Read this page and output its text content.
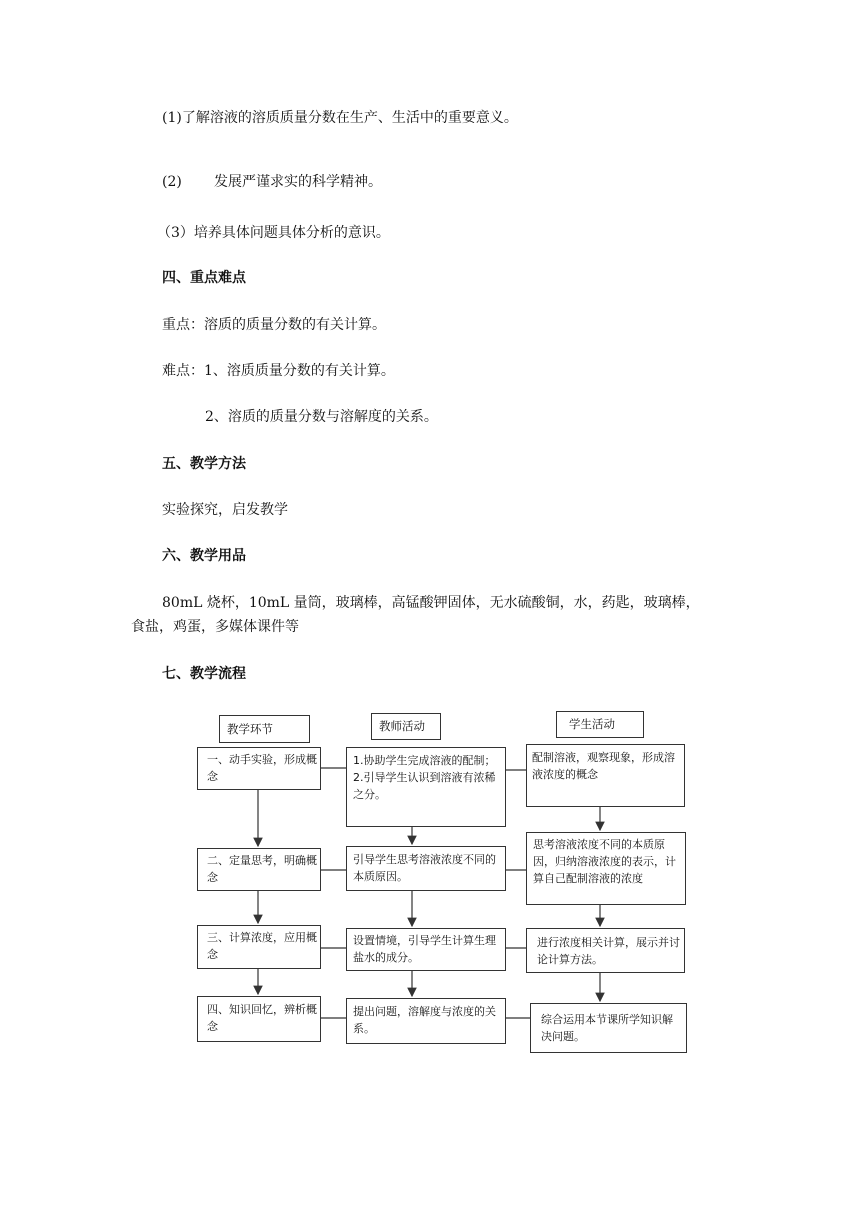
(1)了解溶液的溶质质量分数在生产、生活中的重要意义。
(2) 发展严谨求实的科学精神。
（3）培养具体问题具体分析的意识。
四、重点难点
重点：溶质的质量分数的有关计算。
难点：1、溶质质量分数的有关计算。
2、溶质的质量分数与溶解度的关系。
五、教学方法
实验探究，启发教学
六、教学用品
80mL 烧杯，10mL 量筒，玻璃棒，高锰酸钾固体，无水硫酸铜，水，药匙，玻璃棒，食盐，鸡蛋，多媒体课件等
七、教学流程
教学环节	教师活动	学生活动
一、动手实验，形成概念
二、定量思考，明确概念
三、计算浓度，应用概念
四、知识回忆，辨析概念
1.协助学生完成溶液的配制；2.引导学生认识到溶液有浓稀之分。
引导学生思考溶液浓度不同的本质原因。
设置情境，引导学生计算生理盐水的成分。
提出问题，溶解度与浓度的关系。
配制溶液，观察现象，形成溶液浓度的概念
思考溶液浓度不同的本质原因，归纳溶液浓度的表示，计算自己配制溶液的浓度
进行浓度相关计算，展示并讨论计算方法。
综合运用本节课所学知识解决问题。
